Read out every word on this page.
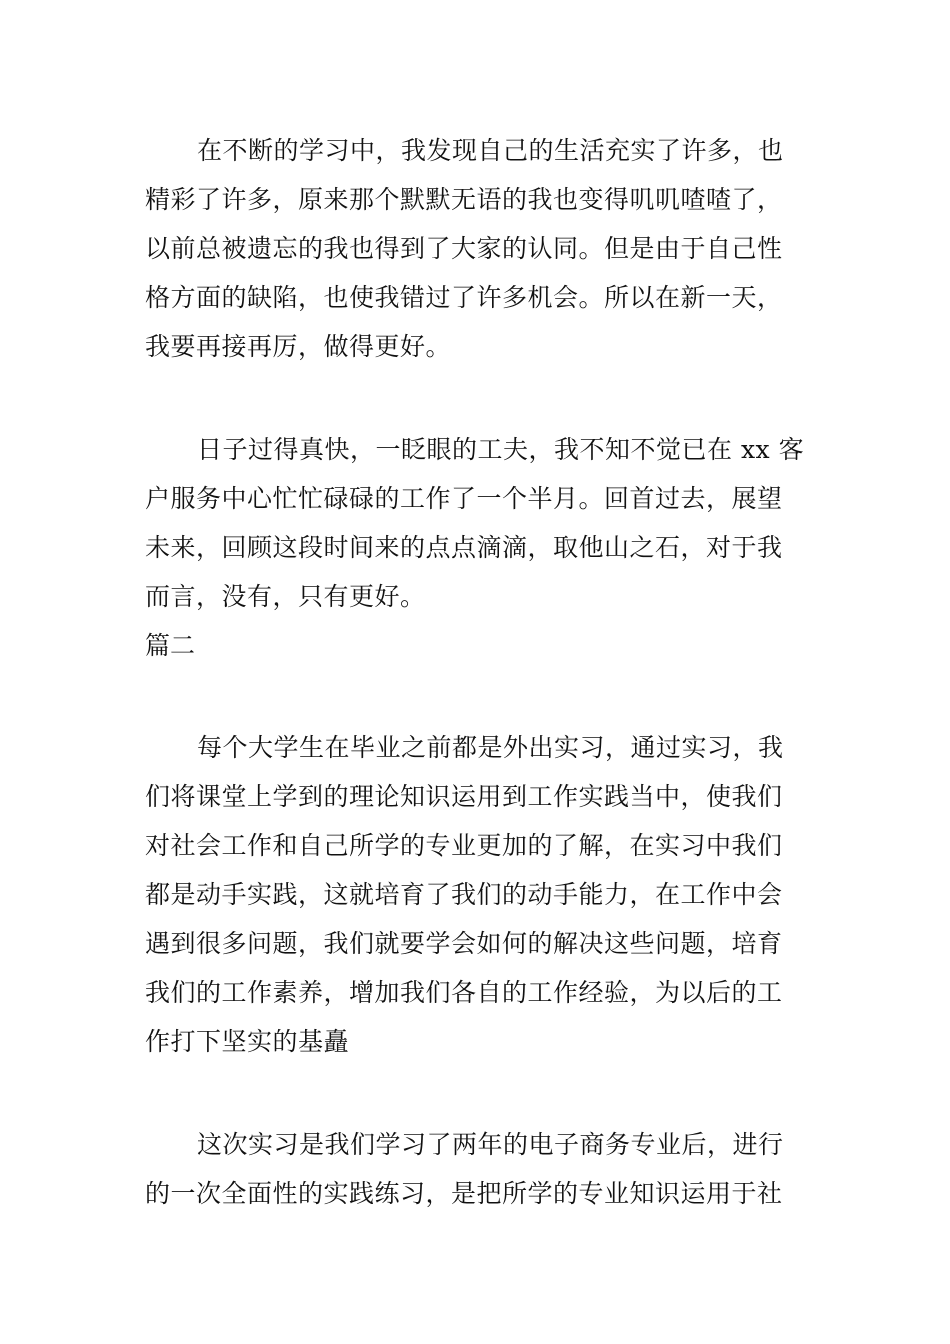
在不断的学习中，我发现自己的生活充实了许多，也
精彩了许多，原来那个默默无语的我也变得叽叽喳喳了，
以前总被遗忘的我也得到了大家的认同。但是由于自己性
格方面的缺陷，也使我错过了许多机会。所以在新一天，
我要再接再厉，做得更好。

日子过得真快，一眨眼的工夫，我不知不觉已在 xx 客
户服务中心忙忙碌碌的工作了一个半月。回首过去，展望
未来，回顾这段时间来的点点滴滴，取他山之石，对于我
而言，没有，只有更好。

篇二

每个大学生在毕业之前都是外出实习，通过实习，我
们将课堂上学到的理论知识运用到工作实践当中，使我们
对社会工作和自己所学的专业更加的了解，在实习中我们
都是动手实践，这就培育了我们的动手能力，在工作中会
遇到很多问题，我们就要学会如何的解决这些问题，培育
我们的工作素养，增加我们各自的工作经验，为以后的工
作打下坚实的基矗

这次实习是我们学习了两年的电子商务专业后，进行
的一次全面性的实践练习，是把所学的专业知识运用于社
